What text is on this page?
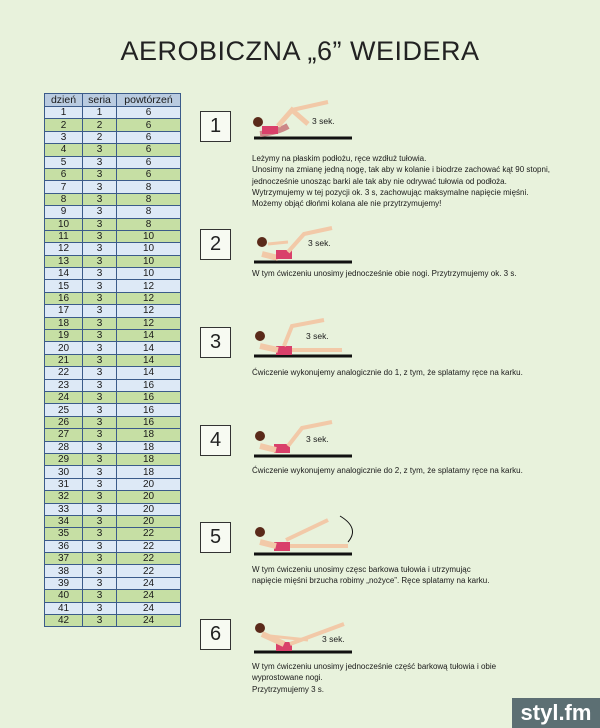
AEROBICZNA „6” WEIDERA
dzień	seria	powtórzeń
1	1	6
2	2	6
3	2	6
4	3	6
5	3	6
6	3	6
7	3	8
8	3	8
9	3	8
10	3	8
11	3	10
12	3	10
13	3	10
14	3	10
15	3	12
16	3	12
17	3	12
18	3	12
19	3	14
20	3	14
21	3	14
22	3	14
23	3	16
24	3	16
25	3	16
26	3	16
27	3	18
28	3	18
29	3	18
30	3	18
31	3	20
32	3	20
33	3	20
34	3	20
35	3	22
36	3	22
37	3	22
38	3	22
39	3	24
40	3	24
41	3	24
42	3	24
1
2
3
4
5
6
3 sek.
3 sek.
3 sek.
3 sek.
3 sek.
Leżymy na płaskim podłożu, ręce wzdłuż tułowia.
Unosimy na zmianę jedną nogę, tak aby w kolanie i biodrze zachować kąt 90 stopni,
jednocześnie unosząc barki ale tak aby nie odrywać tułowia od podłoża.
Wytrzymujemy w tej pozycji ok. 3 s, zachowując maksymalne napięcie mięśni.
Możemy objąć dłońmi kolana ale nie przytrzymujemy!
W tym ćwiczeniu unosimy jednocześnie obie nogi. Przytrzymujemy ok. 3 s.
Ćwiczenie wykonujemy analogicznie do 1, z tym, że splatamy ręce na karku.
Ćwiczenie wykonujemy analogicznie do 2, z tym, że splatamy ręce na karku.
W tym ćwiczeniu unosimy częsc barkowa tułowia i utrzymując
napięcie mięśni brzucha robimy „nożyce”. Ręce splatamy na karku.
W tym ćwiczeniu unosimy jednocześnie część barkową tułowia i obie
wyprostowane nogi.
Przytrzymujemy 3 s.
styl.fm
